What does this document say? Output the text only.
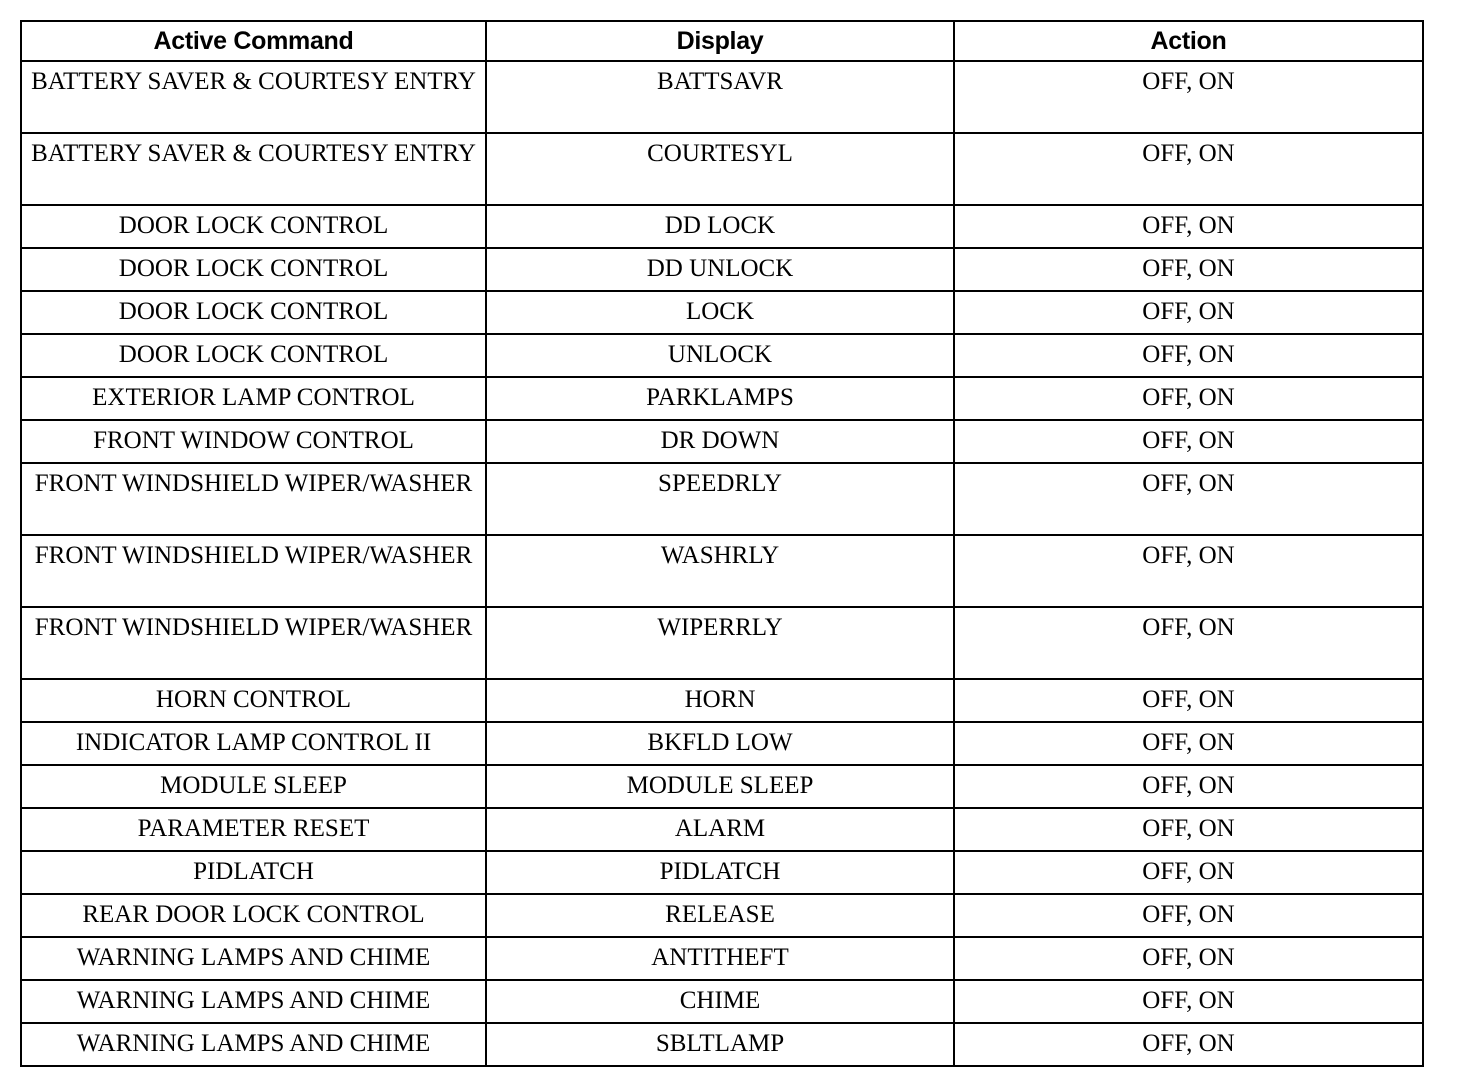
Active Command	Display	Action
BATTERY SAVER & COURTESY ENTRY	BATTSAVR	OFF, ON
BATTERY SAVER & COURTESY ENTRY	COURTESYL	OFF, ON
DOOR LOCK CONTROL	DD LOCK	OFF, ON
DOOR LOCK CONTROL	DD UNLOCK	OFF, ON
DOOR LOCK CONTROL	LOCK	OFF, ON
DOOR LOCK CONTROL	UNLOCK	OFF, ON
EXTERIOR LAMP CONTROL	PARKLAMPS	OFF, ON
FRONT WINDOW CONTROL	DR DOWN	OFF, ON
FRONT WINDSHIELD WIPER/WASHER	SPEEDRLY	OFF, ON
FRONT WINDSHIELD WIPER/WASHER	WASHRLY	OFF, ON
FRONT WINDSHIELD WIPER/WASHER	WIPERRLY	OFF, ON
HORN CONTROL	HORN	OFF, ON
INDICATOR LAMP CONTROL II	BKFLD LOW	OFF, ON
MODULE SLEEP	MODULE SLEEP	OFF, ON
PARAMETER RESET	ALARM	OFF, ON
PIDLATCH	PIDLATCH	OFF, ON
REAR DOOR LOCK CONTROL	RELEASE	OFF, ON
WARNING LAMPS AND CHIME	ANTITHEFT	OFF, ON
WARNING LAMPS AND CHIME	CHIME	OFF, ON
WARNING LAMPS AND CHIME	SBLTLAMP	OFF, ON
